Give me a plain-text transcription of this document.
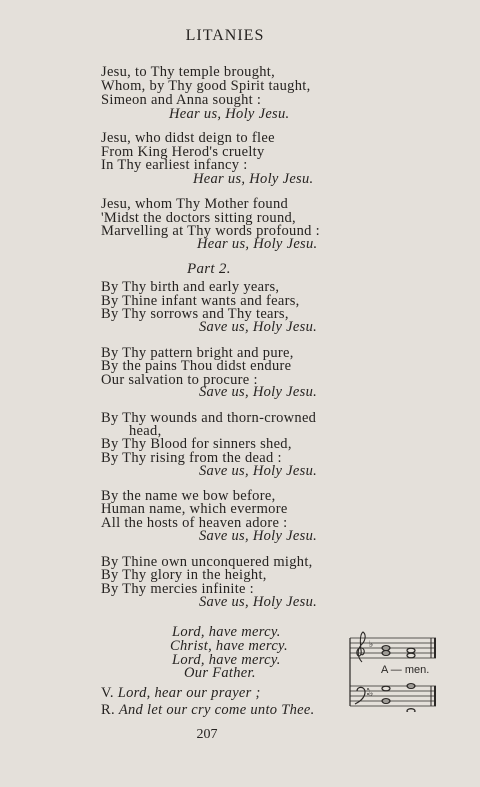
LITANIES
Jesu, to Thy temple brought,
Whom, by Thy good Spirit taught,
Simeon and Anna sought :
Hear us, Holy Jesu.
Jesu, who didst deign to flee
From King Herod's cruelty
In Thy earliest infancy :
Hear us, Holy Jesu.
Jesu, whom Thy Mother found
'Midst the doctors sitting round,
Marvelling at Thy words profound :
Hear us, Holy Jesu.
Part 2.
By Thy birth and early years,
By Thine infant wants and fears,
By Thy sorrows and Thy tears,
Save us, Holy Jesu.
By Thy pattern bright and pure,
By the pains Thou didst endure
Our salvation to procure :
Save us, Holy Jesu.
By Thy wounds and thorn-crowned
head,
By Thy Blood for sinners shed,
By Thy rising from the dead :
Save us, Holy Jesu.
By the name we bow before,
Human name, which evermore
All the hosts of heaven adore :
Save us, Holy Jesu.
By Thine own unconquered might,
By Thy glory in the height,
By Thy mercies infinite :
Save us, Holy Jesu.
Lord, have mercy.
Christ, have mercy.
Lord, have mercy.
Our Father.
V. Lord, hear our prayer ;
R. And let our cry come unto Thee.
♭
♭
A — men.
207
